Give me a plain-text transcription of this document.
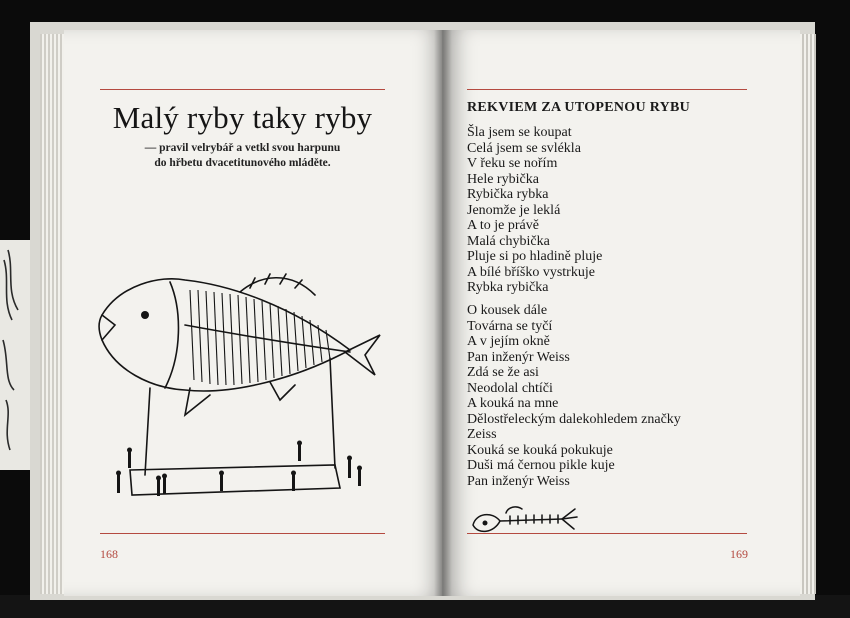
Malý ryby taky ryby
— pravil velrybář a vetkl svou harpunu
do hřbetu dvacetitunového mláděte.
168
REKVIEM ZA UTOPENOU RYBU
Šla jsem se koupat
Celá jsem se svlékla
V řeku se nořím
Hele rybička
Rybička rybka
Jenomže je leklá
A to je právě
Malá chybička
Pluje si po hladině pluje
A bílé bříško vystrkuje
Rybka rybička
O kousek dále
Továrna se tyčí
A v jejím okně
Pan inženýr Weiss
Zdá se že asi
Neodolal chtíči
A kouká na mne
Dělostřeleckým dalekohledem značky
Zeiss
Kouká se kouká pokukuje
Duši má černou pikle kuje
Pan inženýr Weiss
169
